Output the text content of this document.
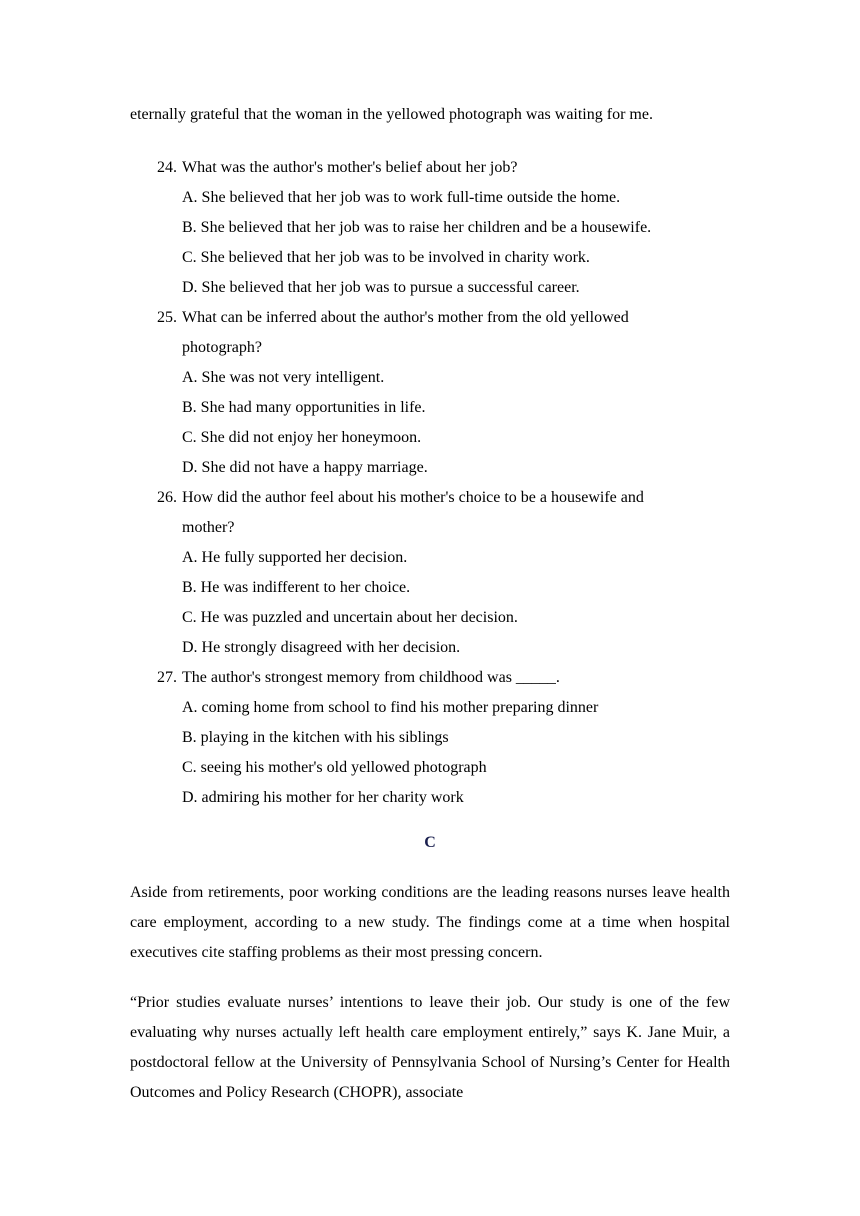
eternally grateful that the woman in the yellowed photograph was waiting for me.
24. What was the author's mother's belief about her job?
A. She believed that her job was to work full-time outside the home.
B. She believed that her job was to raise her children and be a housewife.
C. She believed that her job was to be involved in charity work.
D. She believed that her job was to pursue a successful career.
25. What can be inferred about the author's mother from the old yellowed
photograph?
A. She was not very intelligent.
B. She had many opportunities in life.
C. She did not enjoy her honeymoon.
D. She did not have a happy marriage.
26. How did the author feel about his mother's choice to be a housewife and
mother?
A. He fully supported her decision.
B. He was indifferent to her choice.
C. He was puzzled and uncertain about her decision.
D. He strongly disagreed with her decision.
27. The author's strongest memory from childhood was _____.
A. coming home from school to find his mother preparing dinner
B. playing in the kitchen with his siblings
C. seeing his mother's old yellowed photograph
D. admiring his mother for her charity work
C

Aside from retirements, poor working conditions are the leading reasons nurses leave health care employment, according to a new study. The findings come at a time when hospital executives cite staffing problems as their most pressing concern.

“Prior studies evaluate nurses’ intentions to leave their job. Our study is one of the few evaluating why nurses actually left health care employment entirely,” says K. Jane Muir, a postdoctoral fellow at the University of Pennsylvania School of Nursing’s Center for Health Outcomes and Policy Research (CHOPR), associate
